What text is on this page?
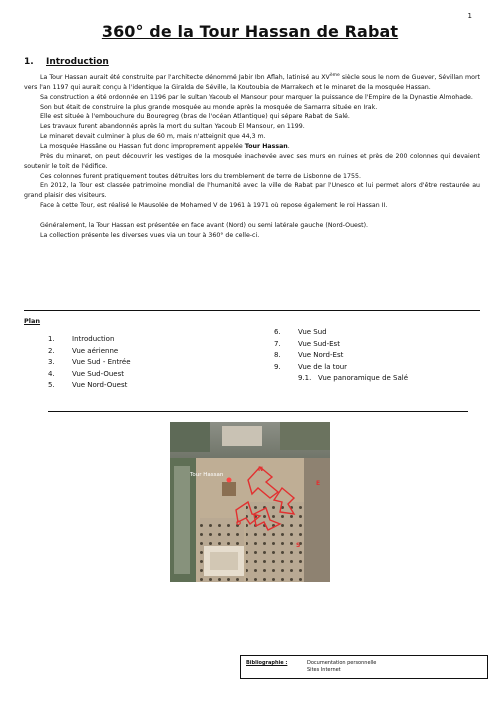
1
360° de la Tour Hassan de Rabat
1. Introduction

La Tour Hassan aurait été construite par l'architecte dénommé Jabir Ibn Aflah, latinisé au XVème siècle sous le nom de Guever, Sévillan mort vers l'an 1197 qui aurait conçu à l'identique la Giralda de Séville, la Koutoubia de Marrakech et le minaret de la mosquée Hassan.

Sa construction a été ordonnée en 1196 par le sultan Yacoub el Mansour pour marquer la puissance de l'Empire de la Dynastie Almohade.

Son but était de construire la plus grande mosquée au monde après la mosquée de Samarra située en Irak.

Elle est située à l'embouchure du Bouregreg (bras de l'océan Atlantique) qui sépare Rabat de Salé.

Les travaux furent abandonnés après la mort du sultan Yacoub El Mansour, en 1199.

Le minaret devait culminer à plus de 60 m, mais n'atteignit que 44,3 m.

La mosquée Hassâne ou Hassan fut donc improprement appelée Tour Hassan.

Près du minaret, on peut découvrir les vestiges de la mosquée inachevée avec ses murs en ruines et près de 200 colonnes qui devaient soutenir le toit de l'édifice.

Ces colonnes furent pratiquement toutes détruites lors du tremblement de terre de Lisbonne de 1755.

En 2012, la Tour est classée patrimoine mondial de l'humanité avec la ville de Rabat par l'Unesco et lui permet alors d'être restaurée au grand plaisir des visiteurs.

Face à cette Tour, est réalisé le Mausolée de Mohamed V de 1961 à 1971 où repose également le roi Hassan II.

Généralement, la Tour Hassan est présentée en face avant (Nord) ou semi latérale gauche (Nord-Ouest).

La collection présente les diverses vues via un tour à 360° de celle-ci.

Plan
1. Introduction
2. Vue aérienne
3. Vue Sud - Entrée
4. Vue Sud-Ouest
5. Vue Nord-Ouest
6. Vue Sud
7. Vue Sud-Est
8. Vue Nord-Est
9. Vue de la tour
9.1. Vue panoramique de Salé
Tour Hassan
N
E
O
S
Bibliographie :	Documentation personnelle
Sites Internet
